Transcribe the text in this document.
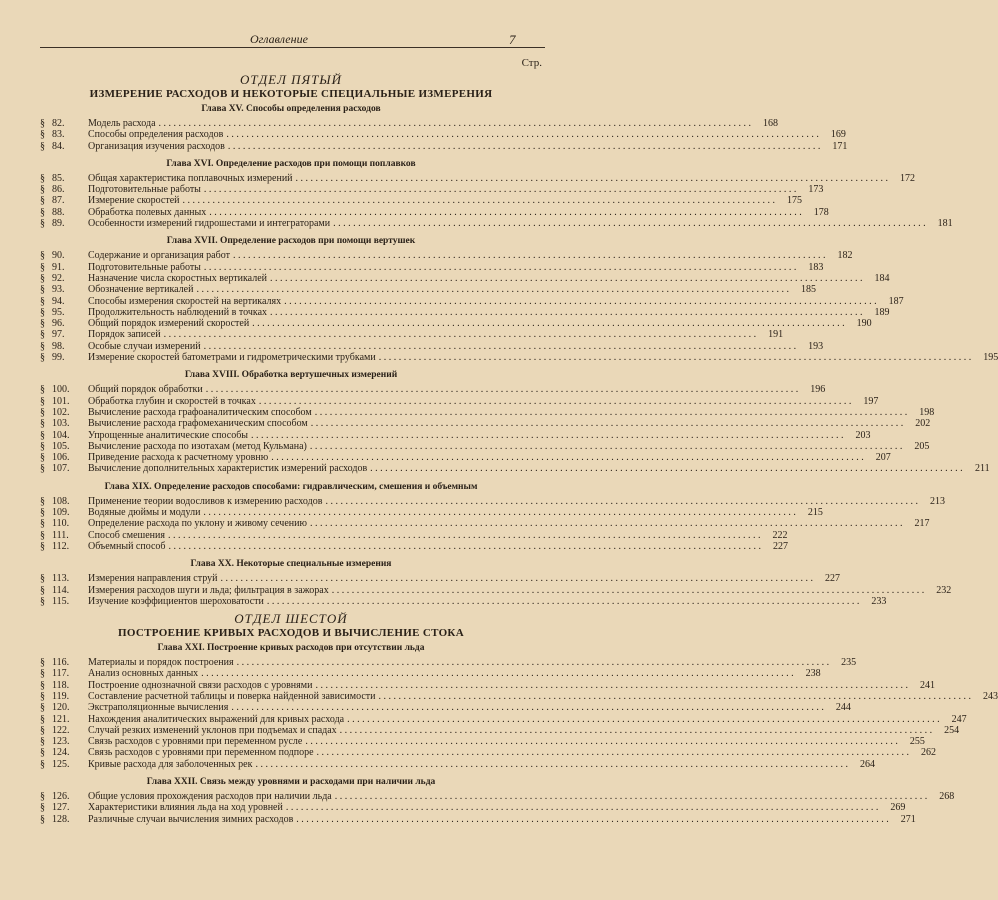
Оглавление	7
Стр.
ОТДЕЛ ПЯТЫЙ
ИЗМЕРЕНИЕ РАСХОДОВ И НЕКОТОРЫЕ СПЕЦИАЛЬНЫЕ ИЗМЕРЕНИЯ
Глава XV. Способы определения расходов
§ 82.	Модель расхода . . .	168
§ 83.	Способы определения расходов . . .	169
§ 84.	Организация изучения расходов . . .	171
Глава XVI. Определение расходов при помощи поплавков
§ 85.	Общая характеристика поплавочных измерений . . .	172
§ 86.	Подготовительные работы . . .	173
§ 87.	Измерение скоростей . . .	175
§ 88.	Обработка полевых данных . . .	178
§ 89.	Особенности измерений гидрошестами и интеграторами . . .	181
Глава XVII. Определение расходов при помощи вертушек
§ 90.	Содержание и организация работ . . .	182
§ 91.	Подготовительные работы . . .	183
§ 92.	Назначение числа скоростных вертикалей . . .	184
§ 93.	Обозначение вертикалей . . .	185
§ 94.	Способы измерения скоростей на вертикалях . . .	187
§ 95.	Продолжительность наблюдений в точках . . .	189
§ 96.	Общий порядок измерений скоростей . . .	190
§ 97.	Порядок записей . . .	191
§ 98.	Особые случаи измерений . . .	193
§ 99.	Измерение скоростей батометрами и гидрометрическими трубками . . .	195
Глава XVIII. Обработка вертушечных измерений
§ 100.	Общий порядок обработки . . .	196
§ 101.	Обработка глубин и скоростей в точках . . .	197
§ 102.	Вычисление расхода графоаналитическим способом . . .	198
§ 103.	Вычисление расхода графомеханическим способом . . .	202
§ 104.	Упрощенные аналитические способы . . .	203
§ 105.	Вычисление расхода по изотахам (метод Кульмана) . . .	205
§ 106.	Приведение расхода к расчетному уровню . . .	207
§ 107.	Вычисление дополнительных характеристик измерений расходов . . .	211
Глава XIX. Определение расходов способами: гидравлическим, смешения и объемным
§ 108.	Применение теории водосливов к измерению расходов . . .	213
§ 109.	Водяные дюймы и модули . . .	215
§ 110.	Определение расхода по уклону и живому сечению . . .	217
§ 111.	Способ смешения . . .	222
§ 112.	Объемный способ . . .	227
Глава XX. Некоторые специальные измерения
§ 113.	Измерения направления струй . . .	227
§ 114.	Измерения расходов шуги и льда; фильтрация в зажорах . . .	232
§ 115.	Изучение коэффициентов шероховатости . . .	233
ОТДЕЛ ШЕСТОЙ
ПОСТРОЕНИЕ КРИВЫХ РАСХОДОВ И ВЫЧИСЛЕНИЕ СТОКА
Глава XXI. Построение кривых расходов при отсутствии льда
§ 116.	Материалы и порядок построения . . .	235
§ 117.	Анализ основных данных . . .	238
§ 118.	Построение однозначной связи расходов с уровнями . . .	241
§ 119.	Составление расчетной таблицы и поверка найденной зависимости . . .	243
§ 120.	Экстраполяционные вычисления . . .	244
§ 121.	Нахождения аналитических выражений для кривых расхода . . .	247
§ 122.	Случай резких изменений уклонов при подъемах и спадах . . .	254
§ 123.	Связь расходов с уровнями при переменном русле . . .	255
§ 124.	Связь расходов с уровнями при переменном подпоре . . .	262
§ 125.	Кривые расхода для заболоченных рек . . .	264
Глава XXII. Связь между уровнями и расходами при наличии льда
§ 126.	Общие условия прохождения расходов при наличии льда . . .	268
§ 127.	Характеристики влияния льда на ход уровней . . .	269
§ 128.	Различные случаи вычисления зимних расходов . . .	271
